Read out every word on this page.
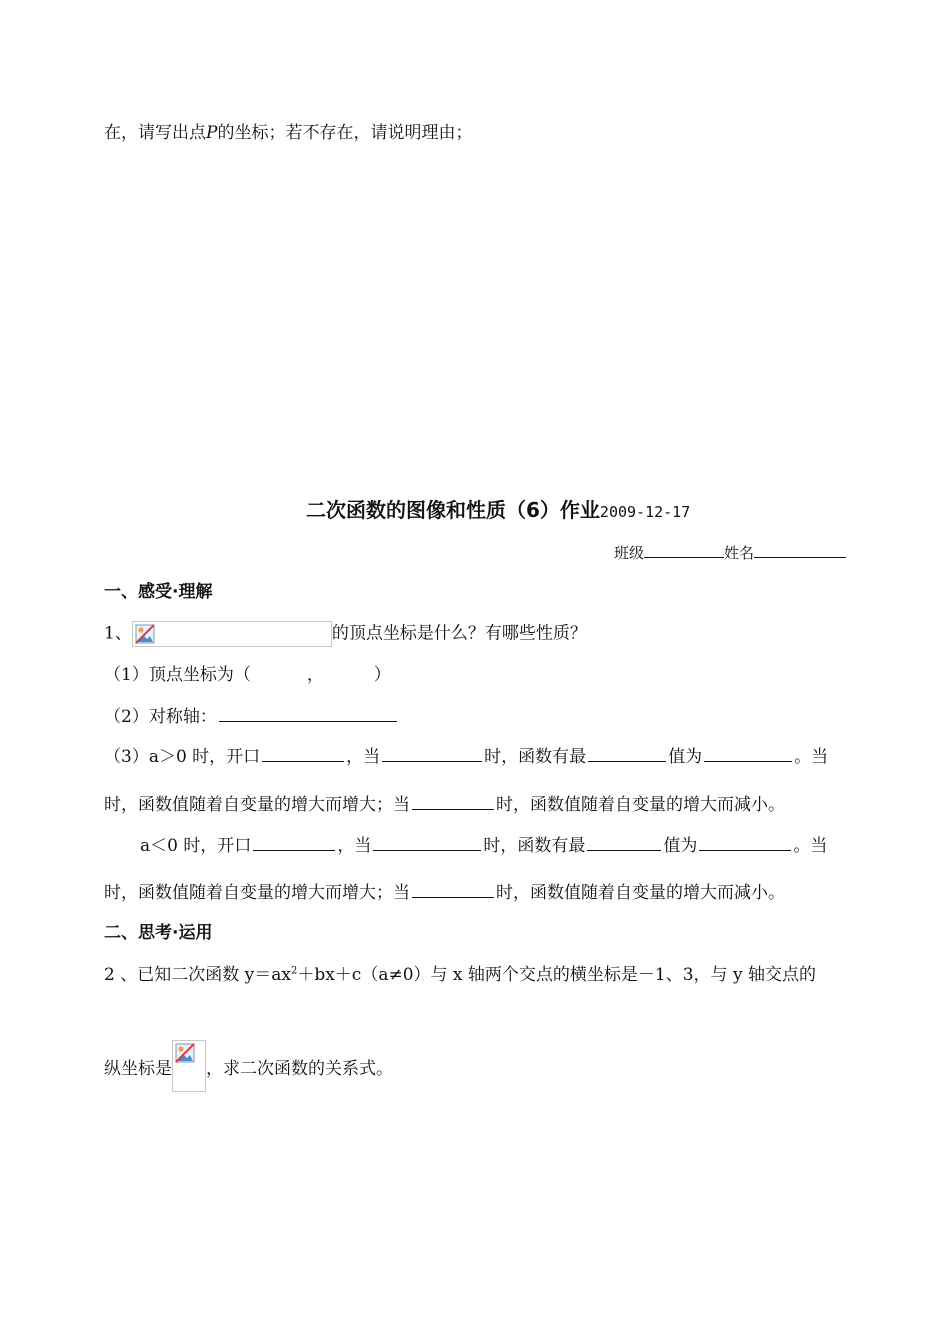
在，请写出点P的坐标；若不存在，请说明理由；
二次函数的图像和性质（6）作业2009-12-17
班级	姓名
一、感受·理解
1、	的顶点坐标是什么？有哪些性质？
（1）顶点坐标为（	，	）
（2）对称轴：
（3）a＞0 时，开口	，当	时，函数有最	值为	。当
时，函数值随着自变量的增大而增大；当	时，函数值随着自变量的增大而减小。
a＜0 时，开口	，当	时，函数有最	值为	。当
时，函数值随着自变量的增大而增大；当	时，函数值随着自变量的增大而减小。
二、思考·运用
2 、已知二次函数 $y=ax^2+bx+c(a\ne 0)$与 x 轴两个交点的横坐标是－1、3，与 y 轴交点的
纵坐标是 ，求二次函数的关系式。
